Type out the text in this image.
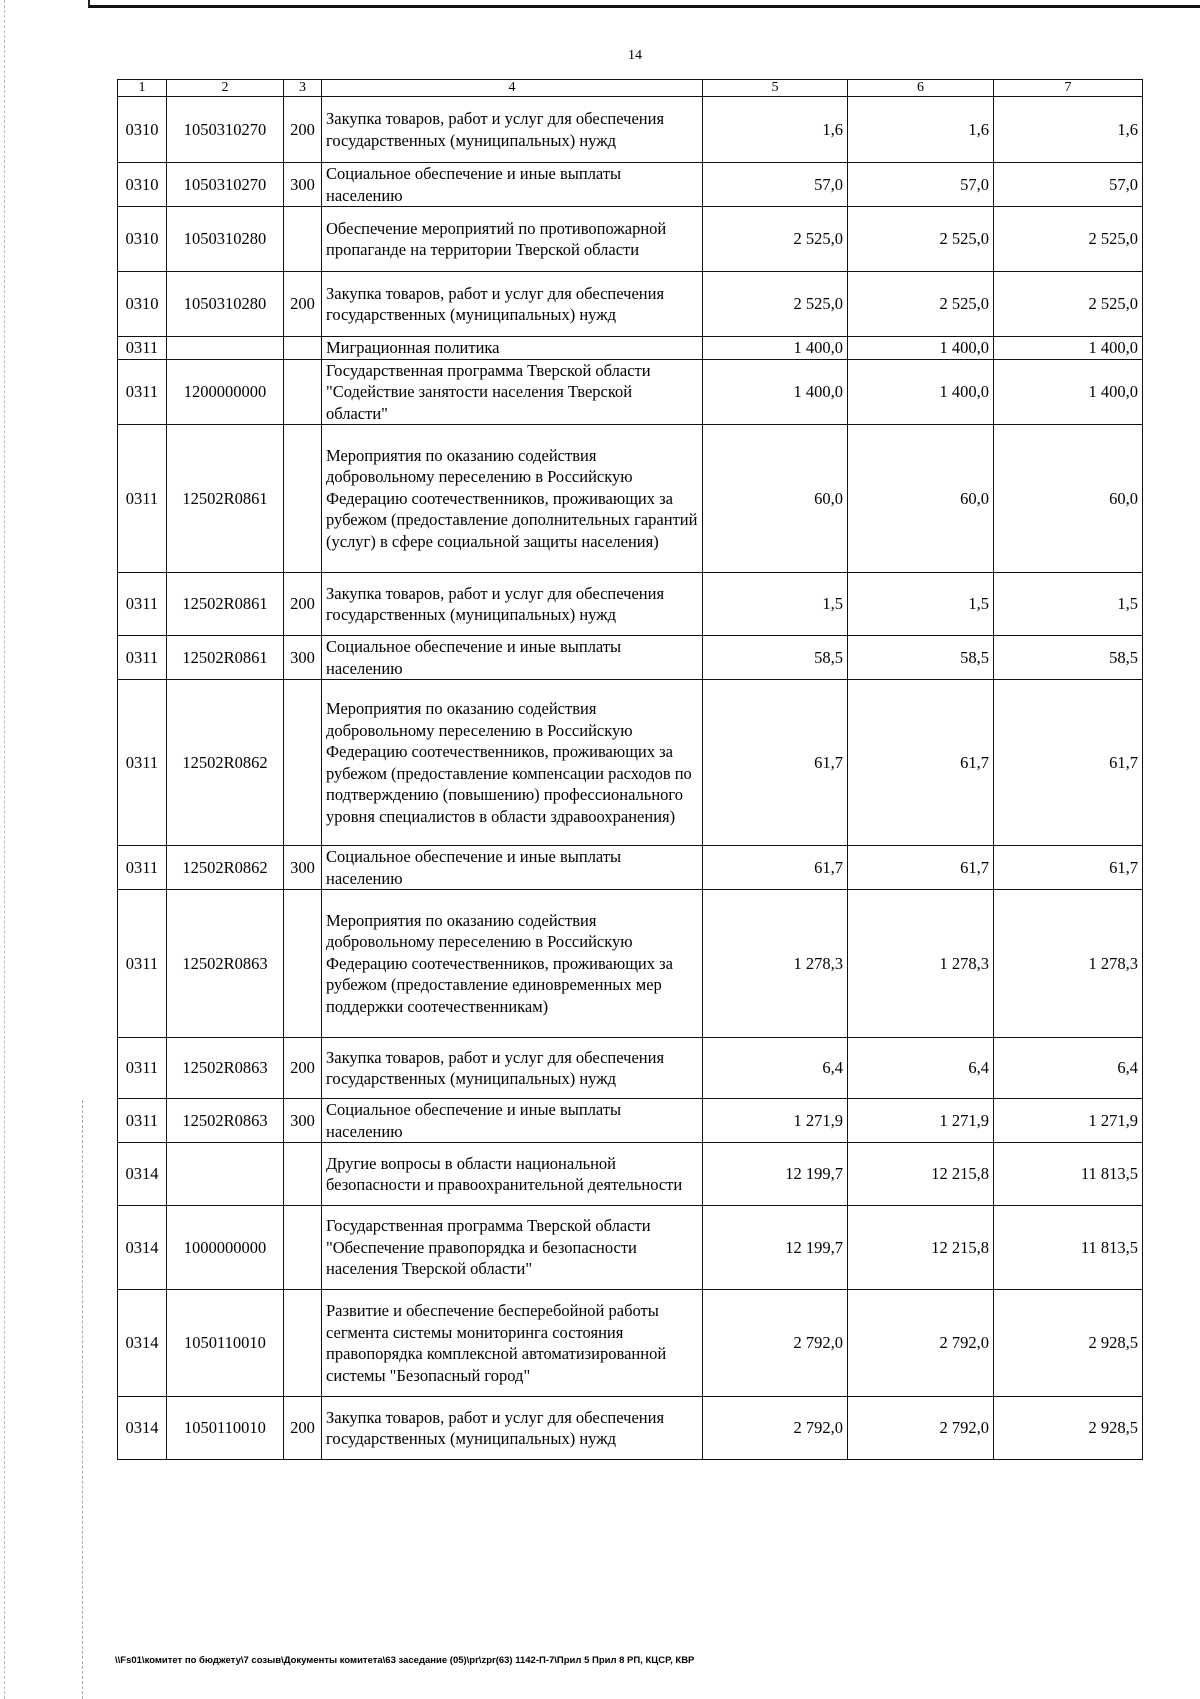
14
1	2	3	4	5	6	7
0310	1050310270	200	Закупка товаров, работ и услуг для обеспечения государственных (муниципальных) нужд	1,6	1,6	1,6
0310	1050310270	300	Социальное обеспечение и иные выплаты населению	57,0	57,0	57,0
0310	1050310280		Обеспечение мероприятий по противопожарной пропаганде на территории Тверской области	2 525,0	2 525,0	2 525,0
0310	1050310280	200	Закупка товаров, работ и услуг для обеспечения государственных (муниципальных) нужд	2 525,0	2 525,0	2 525,0
0311			Миграционная политика	1 400,0	1 400,0	1 400,0
0311	1200000000		Государственная программа Тверской области "Содействие занятости населения Тверской области"	1 400,0	1 400,0	1 400,0
0311	12502R0861		Мероприятия по оказанию содействия добровольному переселению в Российскую Федерацию соотечественников, проживающих за рубежом (предоставление дополнительных гарантий (услуг) в сфере социальной защиты населения)	60,0	60,0	60,0
0311	12502R0861	200	Закупка товаров, работ и услуг для обеспечения государственных (муниципальных) нужд	1,5	1,5	1,5
0311	12502R0861	300	Социальное обеспечение и иные выплаты населению	58,5	58,5	58,5
0311	12502R0862		Мероприятия по оказанию содействия добровольному переселению в Российскую Федерацию соотечественников, проживающих за рубежом (предоставление компенсации расходов по подтверждению (повышению) профессионального уровня специалистов в области здравоохранения)	61,7	61,7	61,7
0311	12502R0862	300	Социальное обеспечение и иные выплаты населению	61,7	61,7	61,7
0311	12502R0863		Мероприятия по оказанию содействия добровольному переселению в Российскую Федерацию соотечественников, проживающих за рубежом (предоставление единовременных мер поддержки соотечественникам)	1 278,3	1 278,3	1 278,3
0311	12502R0863	200	Закупка товаров, работ и услуг для обеспечения государственных (муниципальных) нужд	6,4	6,4	6,4
0311	12502R0863	300	Социальное обеспечение и иные выплаты населению	1 271,9	1 271,9	1 271,9
0314			Другие вопросы в области национальной безопасности и правоохранительной деятельности	12 199,7	12 215,8	11 813,5
0314	1000000000		Государственная программа Тверской области "Обеспечение правопорядка и безопасности населения Тверской области"	12 199,7	12 215,8	11 813,5
0314	1050110010		Развитие и обеспечение бесперебойной работы сегмента системы мониторинга состояния правопорядка комплексной автоматизированной системы "Безопасный город"	2 792,0	2 792,0	2 928,5
0314	1050110010	200	Закупка товаров, работ и услуг для обеспечения государственных (муниципальных) нужд	2 792,0	2 792,0	2 928,5
\\Fs01\комитет по бюджету\7 созыв\Документы комитета\63 заседание (05)\pr\zpr(63) 1142-П-7\Прил 5 Прил 8 РП, КЦСР, КВР
